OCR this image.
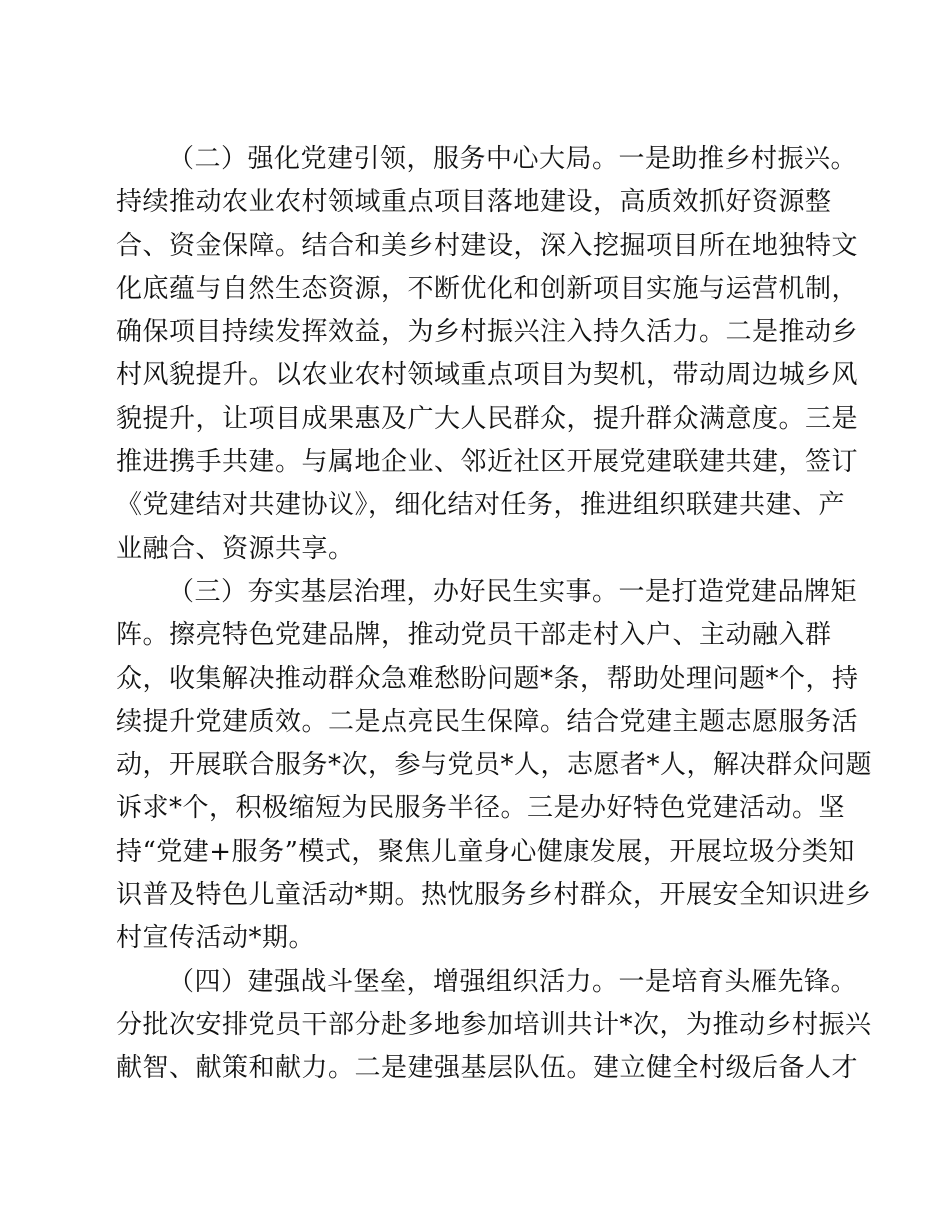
（二）强化党建引领，服务中心大局。一是助推乡村振兴。
持续推动农业农村领域重点项目落地建设，高质效抓好资源整
合、资金保障。结合和美乡村建设，深入挖掘项目所在地独特文
化底蕴与自然生态资源，不断优化和创新项目实施与运营机制，
确保项目持续发挥效益，为乡村振兴注入持久活力。二是推动乡
村风貌提升。以农业农村领域重点项目为契机，带动周边城乡风
貌提升，让项目成果惠及广大人民群众，提升群众满意度。三是
推进携手共建。与属地企业、邻近社区开展党建联建共建，签订
《党建结对共建协议》，细化结对任务，推进组织联建共建、产
业融合、资源共享。
（三）夯实基层治理，办好民生实事。一是打造党建品牌矩
阵。擦亮特色党建品牌，推动党员干部走村入户、主动融入群
众，收集解决推动群众急难愁盼问题*条，帮助处理问题*个，持
续提升党建质效。二是点亮民生保障。结合党建主题志愿服务活
动，开展联合服务*次，参与党员*人，志愿者*人，解决群众问题
诉求*个，积极缩短为民服务半径。三是办好特色党建活动。坚
持“党建+服务”模式，聚焦儿童身心健康发展，开展垃圾分类知
识普及特色儿童活动*期。热忱服务乡村群众，开展安全知识进乡
村宣传活动*期。
（四）建强战斗堡垒，增强组织活力。一是培育头雁先锋。
分批次安排党员干部分赴多地参加培训共计*次，为推动乡村振兴
献智、献策和献力。二是建强基层队伍。建立健全村级后备人才
